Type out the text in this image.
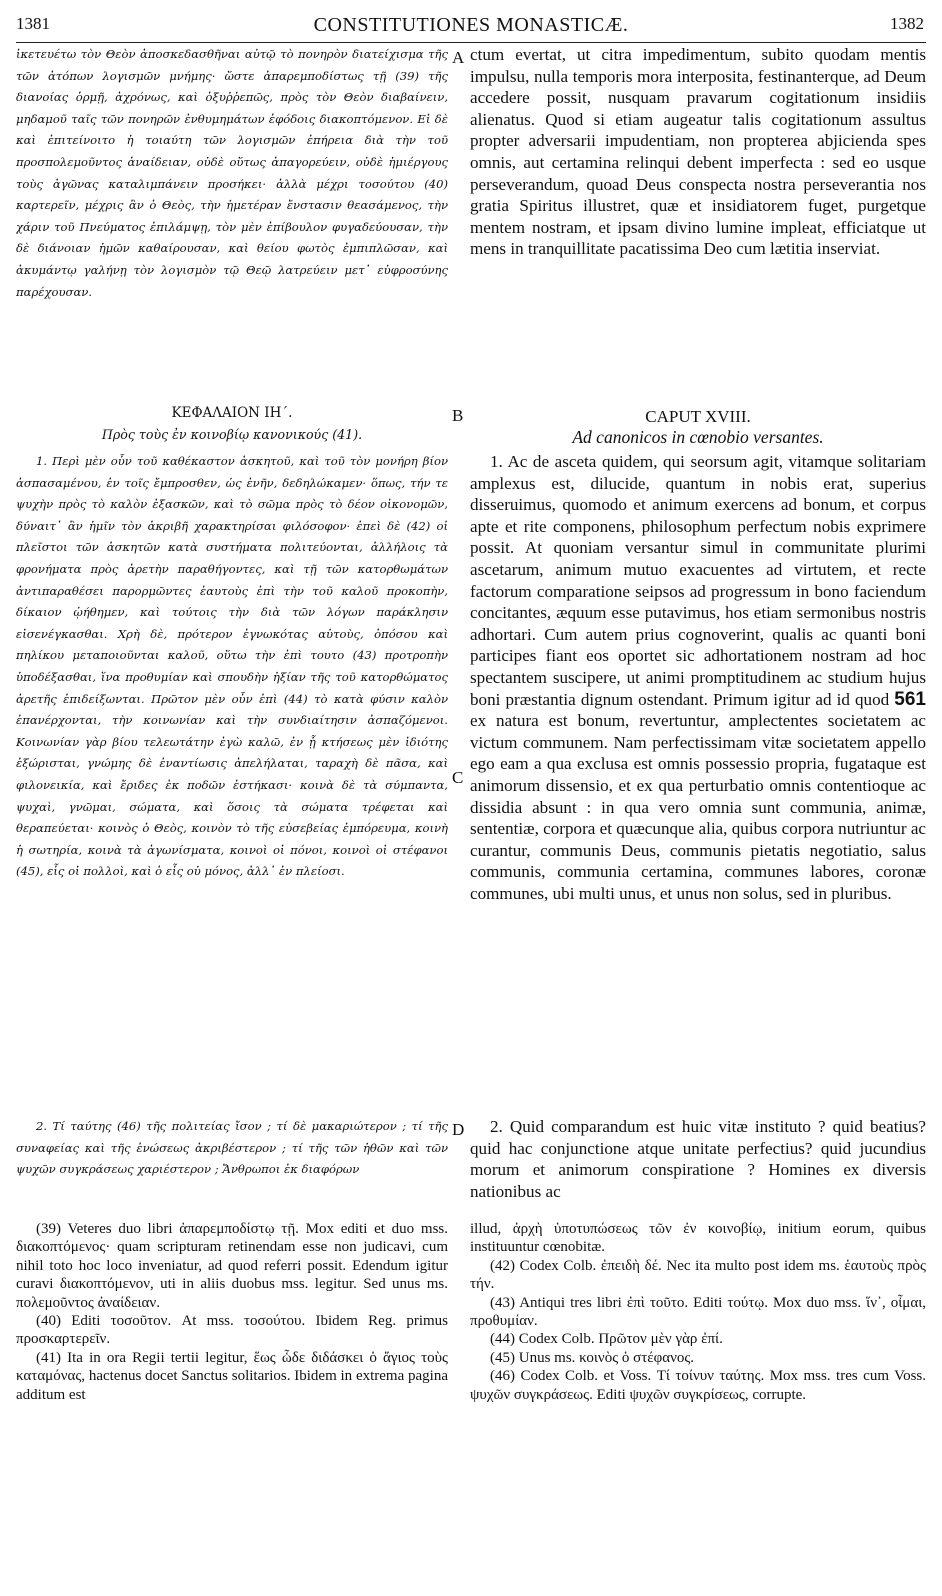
1381	CONSTITUTIONES MONASTICÆ.	1382
A
B
C
D

ἱκετευέτω τὸν Θεὸν ἀποσκεδασθῆναι αὐτῷ τὸ πονηρὸν διατείχισμα τῆς τῶν ἀτόπων λογισμῶν μνήμης· ὥστε ἀπαρεμποδίστως τῇ (39) τῆς διανοίας ὁρμῇ, ἀχρόνως, καὶ ὀξυῤῥεπῶς, πρὸς τὸν Θεὸν διαβαίνειν, μηδαμοῦ ταῖς τῶν πονηρῶν ἐνθυμημάτων ἐφόδοις διακοπτόμενον. Εἰ δὲ καὶ ἐπιτείνοιτο ἡ τοιαύτη τῶν λογισμῶν ἐπήρεια διὰ τὴν τοῦ προσπολεμοῦντος ἀναίδειαν, οὐδὲ οὕτως ἀπαγορεύειν, οὐδὲ ἡμιέργους τοὺς ἀγῶνας καταλιμπάνειν προσήκει· ἀλλὰ μέχρι τοσούτου (40) καρτερεῖν, μέχρις ἂν ὁ Θεὸς, τὴν ἡμετέραν ἔνστασιν θεασάμενος, τὴν χάριν τοῦ Πνεύματος ἐπιλάμψῃ, τὸν μὲν ἐπίβουλον φυγαδεύουσαν, τὴν δὲ διάνοιαν ἡμῶν καθαίρουσαν, καὶ θείου φωτὸς ἐμπιπλῶσαν, καὶ ἀκυμάντῳ γαλήνῃ τὸν λογισμὸν τῷ Θεῷ λατρεύειν μετ᾽ εὐφροσύνης παρέχουσαν.

ctum evertat, ut citra impedimentum, subito quodam mentis impulsu, nulla temporis mora interposita, festinanterque, ad Deum accedere possit, nusquam pravarum cogitationum insidiis alienatus. Quod si etiam augeatur talis cogitationum assultus propter adversarii impudentiam, non propterea abjicienda spes omnis, aut certamina relinqui debent imperfecta : sed eo usque perseverandum, quoad Deus conspecta nostra perseverantia nos gratia Spiritus illustret, quæ et insidiatorem fuget, purgetque mentem nostram, et ipsam divino lumine impleat, efficiatque ut mens in tranquillitate pacatissima Deo cum lætitia inserviat.

ΚΕΦΑΛΑΙΟΝ ΙΗ΄.
Πρὸς τοὺς ἐν κοινοβίῳ κανονικούς (41).
CAPUT XVIII.
Ad canonicos in cœnobio versantes.

1. Περὶ μὲν οὖν τοῦ καθέκαστον ἀσκητοῦ, καὶ τοῦ τὸν μονήρη βίον ἀσπασαμένου, ἐν τοῖς ἔμπροσθεν, ὡς ἐνῆν, δεδηλώκαμεν· ὅπως, τήν τε ψυχὴν πρὸς τὸ καλὸν ἐξασκῶν, καὶ τὸ σῶμα πρὸς τὸ δέον οἰκονομῶν, δύναιτ᾽ ἂν ἡμῖν τὸν ἀκριβῆ χαρακτηρίσαι φιλόσοφον· ἐπεὶ δὲ (42) οἱ πλεῖστοι τῶν ἀσκητῶν κατὰ συστήματα πολιτεύονται, ἀλλήλοις τὰ φρονήματα πρὸς ἀρετὴν παραθήγοντες, καὶ τῇ τῶν κατορθωμάτων ἀντιπαραθέσει παρορμῶντες ἑαυτοὺς ἐπὶ τὴν τοῦ καλοῦ προκοπὴν, δίκαιον ᾠήθημεν, καὶ τούτοις τὴν διὰ τῶν λόγων παράκλησιν εἰσενέγκασθαι. Χρὴ δὲ, πρότερον ἐγνωκότας αὐτοὺς, ὁπόσου καὶ πηλίκου μεταποιοῦνται καλοῦ, οὕτω τὴν ἐπὶ τουτο (43) προτροπὴν ὑποδέξασθαι, ἵνα προθυμίαν καὶ σπουδὴν ἠξίαν τῆς τοῦ κατορθώματος ἀρετῆς ἐπιδείξωνται. Πρῶτον μὲν οὖν ἐπὶ (44) τὸ κατὰ φύσιν καλὸν ἐπανέρχονται, τὴν κοινωνίαν καὶ τὴν συνδιαίτησιν ἀσπαζόμενοι. Κοινωνίαν γὰρ βίου τελεωτάτην ἐγὼ καλῶ, ἐν ᾗ κτήσεως μὲν ἰδιότης ἐξώρισται, γνώμης δὲ ἐναντίωσις ἀπελήλαται, ταραχὴ δὲ πᾶσα, καὶ φιλονεικία, καὶ ἔριδες ἐκ ποδῶν ἑστήκασι· κοινὰ δὲ τὰ σύμπαντα, ψυχαὶ, γνῶμαι, σώματα, καὶ ὅσοις τὰ σώματα τρέφεται καὶ θεραπεύεται· κοινὸς ὁ Θεὸς, κοινὸν τὸ τῆς εὐσεβείας ἐμπόρευμα, κοινὴ ἡ σωτηρία, κοινὰ τὰ ἀγωνίσματα, κοινοὶ οἱ πόνοι, κοινοὶ οἱ στέφανοι (45), εἷς οἱ πολλοὶ, καὶ ὁ εἷς οὐ μόνος, ἀλλ᾽ ἐν πλείοσι.

1. Ac de asceta quidem, qui seorsum agit, vitamque solitariam amplexus est, dilucide, quantum in nobis erat, superius disseruimus, quomodo et animum exercens ad bonum, et corpus apte et rite componens, philosophum perfectum nobis exprimere possit. At quoniam versantur simul in communitate plurimi ascetarum, animum mutuo exacuentes ad virtutem, et recte factorum comparatione seipsos ad progressum in bono faciendum concitantes, æquum esse putavimus, hos etiam sermonibus nostris adhortari. Cum autem prius cognoverint, qualis ac quanti boni participes fiant eos oportet sic adhortationem nostram ad hoc spectantem suscipere, ut animi promptitudinem ac studium hujus boni præstantia dignum ostendant. Primum igitur ad id quod 561 ex natura est bonum, revertuntur, amplectentes societatem ac victum communem. Nam perfectissimam vitæ societatem appello ego eam a qua exclusa est omnis possessio propria, fugataque est animorum dissensio, et ex qua perturbatio omnis contentioque ac dissidia absunt : in qua vero omnia sunt communia, animæ, sententiæ, corpora et quæcunque alia, quibus corpora nutriuntur ac curantur, communis Deus, communis pietatis negotiatio, salus communis, communia certamina, communes labores, coronæ communes, ubi multi unus, et unus non solus, sed in pluribus.

2. Τί ταύτης (46) τῆς πολιτείας ἴσον ; τί δὲ μακαριώτερον ; τί τῆς συναφείας καὶ τῆς ἑνώσεως ἀκριβέστερον ; τί τῆς τῶν ἠθῶν καὶ τῶν ψυχῶν συγκράσεως χαριέστερον ; Ἄνθρωποι ἐκ διαφόρων

2. Quid comparandum est huic vitæ instituto ? quid beatius? quid hac conjunctione atque unitate perfectius? quid jucundius morum et animorum conspiratione ? Homines ex diversis nationibus ac

(39) Veteres duo libri ἀπαρεμποδίστῳ τῇ. Mox editi et duo mss. διακοπτόμενος· quam scripturam retinendam esse non judicavi, cum nihil toto hoc loco inveniatur, ad quod referri possit. Edendum igitur curavi διακοπτόμενον, uti in aliis duobus mss. legitur. Sed unus ms. πολεμοῦντος ἀναίδειαν.

(40) Editi τοσοῦτον. At mss. τοσούτου. Ibidem Reg. primus προσκαρτερεῖν.

(41) Ita in ora Regii tertii legitur, ἕως ὧδε διδάσκει ὁ ἅγιος τοὺς καταμόνας, hactenus docet Sanctus solitarios. Ibidem in extrema pagina additum est

illud, ἀρχὴ ὑποτυπώσεως τῶν ἐν κοινοβίῳ, initium eorum, quibus instituuntur cœnobitæ.

(42) Codex Colb. ἐπειδὴ δέ. Nec ita multo post idem ms. ἑαυτοὺς πρὸς τήν.

(43) Antiqui tres libri ἐπὶ τοῦτο. Editi τούτῳ. Mox duo mss. ἵν᾽, οἶμαι, προθυμίαν.

(44) Codex Colb. Πρῶτον μὲν γὰρ ἐπί.

(45) Unus ms. κοινὸς ὁ στέφανος.

(46) Codex Colb. et Voss. Τί τοίνυν ταύτης. Mox mss. tres cum Voss. ψυχῶν συγκράσεως. Editi ψυχῶν συγκρίσεως, corrupte.
